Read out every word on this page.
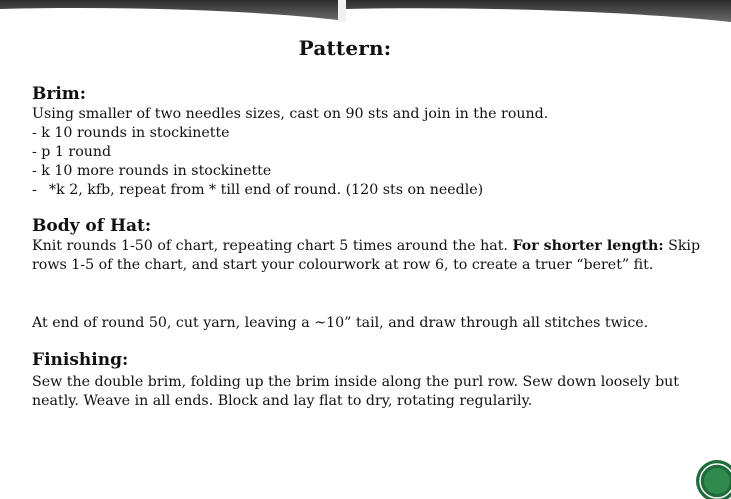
Pattern:
Brim:
Using smaller of two needles sizes, cast on 90 sts and join in the round.
- k 10 rounds in stockinette
- p 1 round
- k 10 more rounds in stockinette
- *k 2, kfb, repeat from * till end of round. (120 sts on needle)
Body of Hat:
Knit rounds 1-50 of chart, repeating chart 5 times around the hat. For shorter length: Skip rows 1-5 of the chart, and start your colourwork at row 6, to create a truer “beret” fit.
At end of round 50, cut yarn, leaving a ~10” tail, and draw through all stitches twice.
Finishing:
Sew the double brim, folding up the brim inside along the purl row. Sew down loosely but neatly. Weave in all ends. Block and lay flat to dry, rotating regularily.
